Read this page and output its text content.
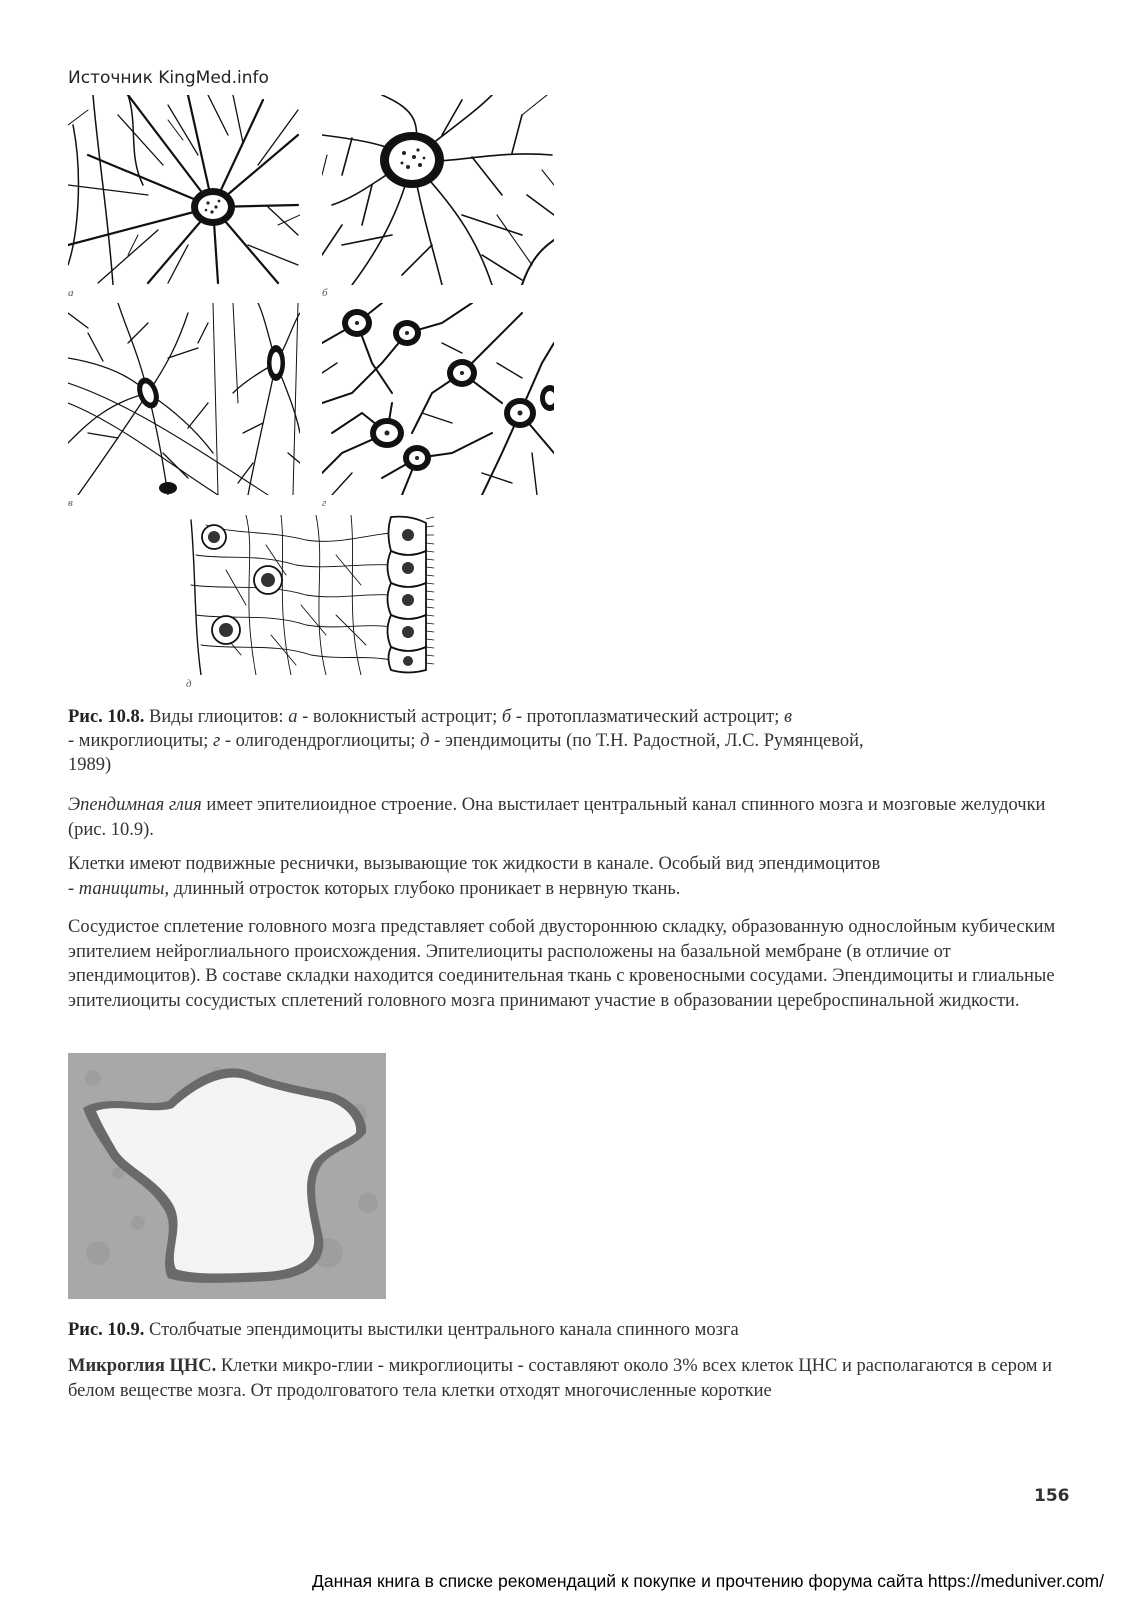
Источник KingMed.info
а	б
в	г
д
Рис. 10.8. Виды глиоцитов: а - волокнистый астроцит; б - протоплазматический астроцит; в
- микроглиоциты; г - олигодендроглиоциты; д - эпендимоциты (по Т.Н. Радостной, Л.С. Румянцевой,
1989)

Эпендимная глия имеет эпителиоидное строение. Она выстилает центральный канал спинного мозга и мозговые желудочки (рис. 10.9).

Клетки имеют подвижные реснички, вызывающие ток жидкости в канале. Особый вид эпендимоцитов
- танициты, длинный отросток которых глубоко проникает в нервную ткань.

Сосудистое сплетение головного мозга представляет собой двустороннюю складку, образованную однослойным кубическим эпителием нейроглиального происхождения. Эпителиоциты расположены на базальной мембране (в отличие от эпендимоцитов). В составе складки находится соединительная ткань с кровеносными сосудами. Эпендимоциты и глиальные эпителиоциты сосудистых сплетений головного мозга принимают участие в образовании цереброспинальной жидкости.

Рис. 10.9. Столбчатые эпендимоциты выстилки центрального канала спинного мозга

Микроглия ЦНС. Клетки микро-глии - микроглиоциты - составляют около 3% всех клеток ЦНС и располагаются в сером и белом веществе мозга. От продолговатого тела клетки отходят многочисленные короткие

156
Данная книга в списке рекомендаций к покупке и прочтению форума сайта https://meduniver.com/
